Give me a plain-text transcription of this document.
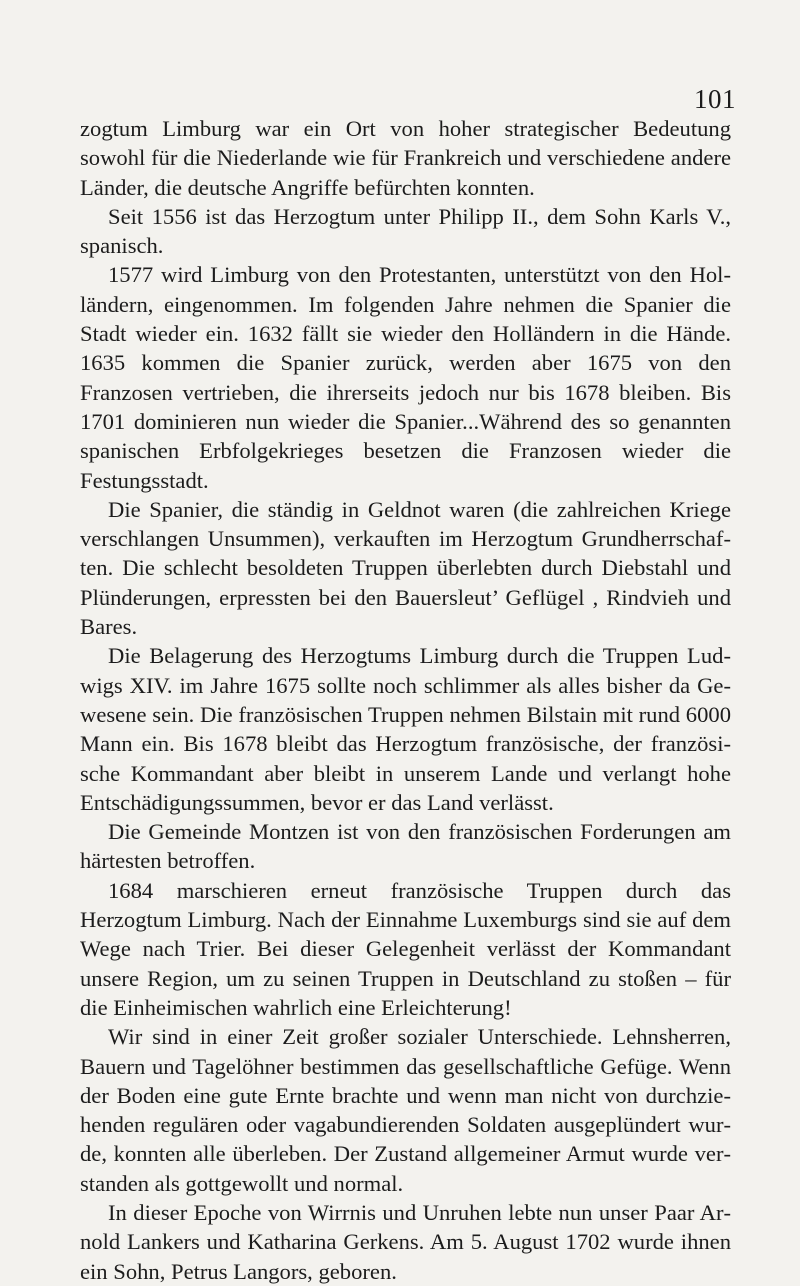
101

zogtum Limburg war ein Ort von hoher strategischer Bedeutung sowohl für die Niederlande wie für Frankreich und verschiedene andere Länder, die deutsche Angriffe befürchten konnten.

Seit 1556 ist das Herzogtum unter Philipp II., dem Sohn Karls V., spanisch.

1577 wird Limburg von den Protestanten, unterstützt von den Holländern, eingenommen. Im folgenden Jahre nehmen die Spanier die Stadt wieder ein. 1632 fällt sie wieder den Holländern in die Hände. 1635 kommen die Spanier zurück, werden aber 1675 von den Franzosen vertrieben, die ihrerseits jedoch nur bis 1678 bleiben. Bis 1701 dominieren nun wieder die Spanier...Während des so genannten spanischen Erbfolgekrieges besetzen die Franzosen wieder die Festungsstadt.

Die Spanier, die ständig in Geldnot waren (die zahlreichen Kriege verschlangen Unsummen), verkauften im Herzogtum Grundherrschaften. Die schlecht besoldeten Truppen überlebten durch Diebstahl und Plünderungen, erpressten bei den Bauersleut’ Geflügel , Rindvieh und Bares.

Die Belagerung des Herzogtums Limburg durch die Truppen Ludwigs XIV. im Jahre 1675 sollte noch schlimmer als alles bisher da Gewesene sein. Die französischen Truppen nehmen Bilstain mit rund 6000 Mann ein. Bis 1678 bleibt das Herzogtum französische, der französische Kommandant aber bleibt in unserem Lande und verlangt hohe Entschädigungssummen, bevor er das Land verlässt.

Die Gemeinde Montzen ist von den französischen Forderungen am härtesten betroffen.

1684 marschieren erneut französische Truppen durch das Herzogtum Limburg. Nach der Einnahme Luxemburgs sind sie auf dem Wege nach Trier. Bei dieser Gelegenheit verlässt der Kommandant unsere Region, um zu seinen Truppen in Deutschland zu stoßen – für die Einheimischen wahrlich eine Erleichterung!

Wir sind in einer Zeit großer sozialer Unterschiede. Lehnsherren, Bauern und Tagelöhner bestimmen das gesellschaftliche Gefüge. Wenn der Boden eine gute Ernte brachte und wenn man nicht von durchziehenden regulären oder vagabundierenden Soldaten ausgeplündert wurde, konnten alle überleben. Der Zustand allgemeiner Armut wurde verstanden als gottgewollt und normal.

In dieser Epoche von Wirrnis und Unruhen lebte nun unser Paar Arnold Lankers und Katharina Gerkens. Am 5. August 1702 wurde ihnen ein Sohn, Petrus Langors, geboren.
